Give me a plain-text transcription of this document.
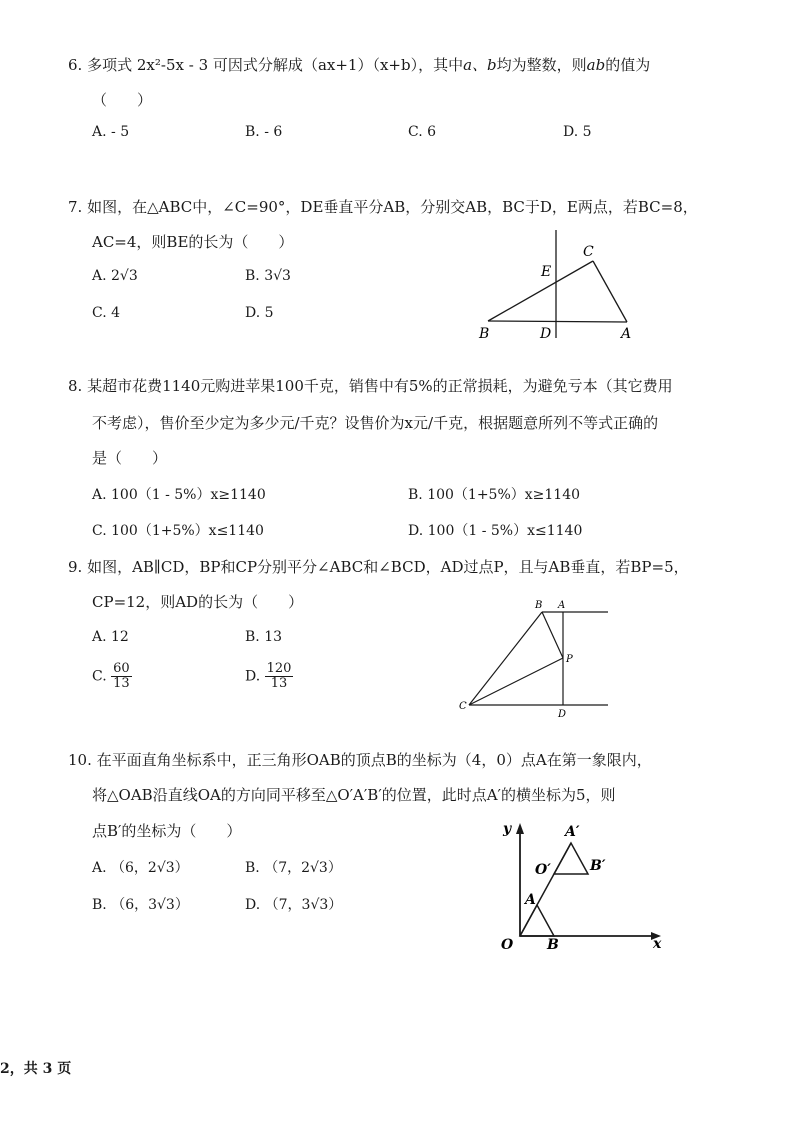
6. 多项式 2x²-5x - 3 可因式分解成（ax+1）（x+b），其中a、b均为整数，则ab的值为
（　　）
A. - 5	B. - 6	C. 6	D. 5
7. 如图，在△ABC中，∠C=90°，DE垂直平分AB，分别交AB，BC于D，E两点，若BC=8，
AC=4，则BE的长为（　　）
A. 2√3	B. 3√3
C. 4	D. 5
C
E
B	D	A
8. 某超市花费1140元购进苹果100千克，销售中有5%的正常损耗，为避免亏本（其它费用
不考虑），售价至少定为多少元/千克？设售价为x元/千克，根据题意所列不等式正确的
是（　　）
A. 100（1 - 5%）x≥1140	B. 100（1+5%）x≥1140
C. 100（1+5%）x≤1140	D. 100（1 - 5%）x≤1140
9. 如图，AB∥CD，BP和CP分别平分∠ABC和∠BCD，AD过点P，且与AB垂直，若BP=5，
CP=12，则AD的长为（　　）
A. 12	B. 13
C. $\frac{60}{13}$	D. $\frac{120}{13}$
B A
P
C
D
10. 在平面直角坐标系中，正三角形OAB的顶点B的坐标为（4，0）点A在第一象限内，
将△OAB沿直线OA的方向同平移至△O′A′B′的位置，此时点A′的横坐标为5，则
点B′的坐标为（　　）
A. （6，2√3）	B. （7，2√3）
B. （6，3√3）	D. （7，3√3）
y	A′
O′	B′
A
O B	x
2，共 3 页
